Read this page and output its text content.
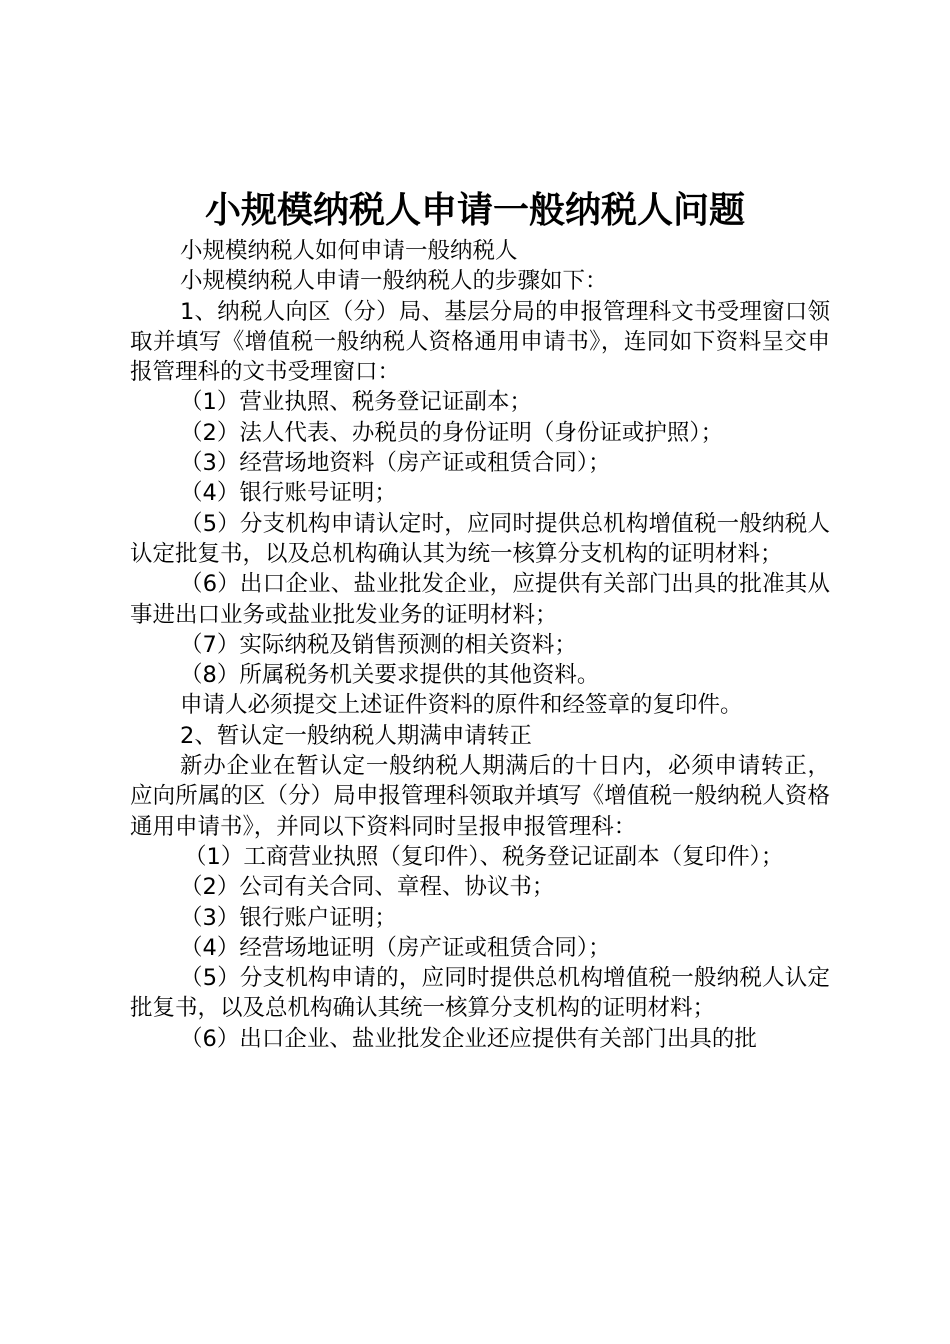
小规模纳税人申请一般纳税人问题

小规模纳税人如何申请一般纳税人

小规模纳税人申请一般纳税人的步骤如下：

1、纳税人向区（分）局、基层分局的申报管理科文书受理窗口领取并填写《增值税一般纳税人资格通用申请书》，连同如下资料呈交申报管理科的文书受理窗口：

（1）营业执照、税务登记证副本；

（2）法人代表、办税员的身份证明（身份证或护照）；

（3）经营场地资料（房产证或租赁合同）；

（4）银行账号证明；

（5）分支机构申请认定时，应同时提供总机构增值税一般纳税人认定批复书，以及总机构确认其为统一核算分支机构的证明材料；

（6）出口企业、盐业批发企业，应提供有关部门出具的批准其从事进出口业务或盐业批发业务的证明材料；

（7）实际纳税及销售预测的相关资料；

（8）所属税务机关要求提供的其他资料。

申请人必须提交上述证件资料的原件和经签章的复印件。

2、暂认定一般纳税人期满申请转正

新办企业在暂认定一般纳税人期满后的十日内，必须申请转正，应向所属的区（分）局申报管理科领取并填写《增值税一般纳税人资格通用申请书》，并同以下资料同时呈报申报管理科：

（1）工商营业执照（复印件）、税务登记证副本（复印件）；

（2）公司有关合同、章程、协议书；

（3）银行账户证明；

（4）经营场地证明（房产证或租赁合同）；

（5）分支机构申请的，应同时提供总机构增值税一般纳税人认定批复书，以及总机构确认其统一核算分支机构的证明材料；

（6）出口企业、盐业批发企业还应提供有关部门出具的批
